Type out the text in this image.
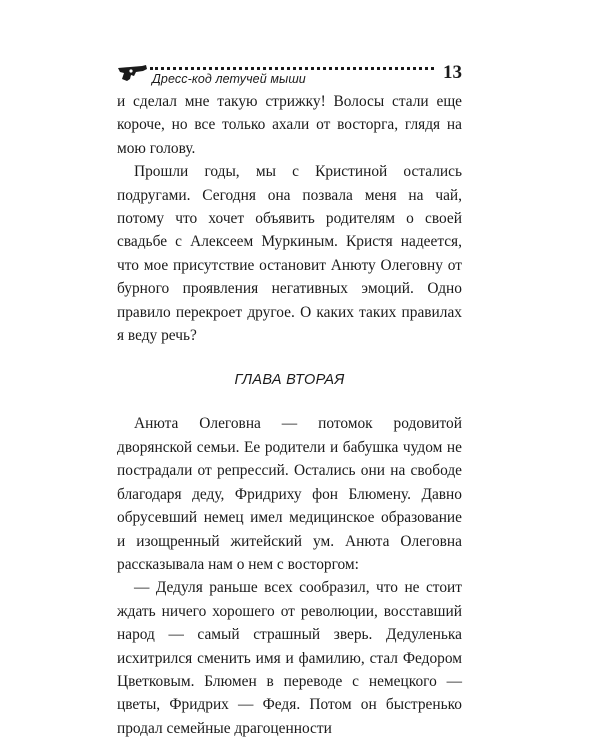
Дресс-код летучей мыши	13

и сделал мне такую стрижку! Волосы стали еще короче, но все только ахали от восторга, глядя на мою голову.

Прошли годы, мы с Кристиной остались подругами. Сегодня она позвала меня на чай, потому что хочет объявить родителям о своей свадьбе с Алексеем Муркиным. Кристя надеется, что мое присутствие остановит Анюту Олеговну от бурного проявления негативных эмоций. Одно правило перекроет другое. О каких таких правилах я веду речь?

ГЛАВА ВТОРАЯ

Анюта Олеговна — потомок родовитой дворянской семьи. Ее родители и бабушка чудом не пострадали от репрессий. Остались они на свободе благодаря деду, Фридриху фон Блюмену. Давно обрусевший немец имел медицинское образование и изощренный житейский ум. Анюта Олеговна рассказывала нам о нем с восторгом:

— Дедуля раньше всех сообразил, что не стоит ждать ничего хорошего от революции, восставший народ — самый страшный зверь. Дедуленька исхитрился сменить имя и фамилию, стал Федором Цветковым. Блюмен в переводе с немецкого — цветы, Фридрих — Федя. Потом он быстренько продал семейные драгоценности
